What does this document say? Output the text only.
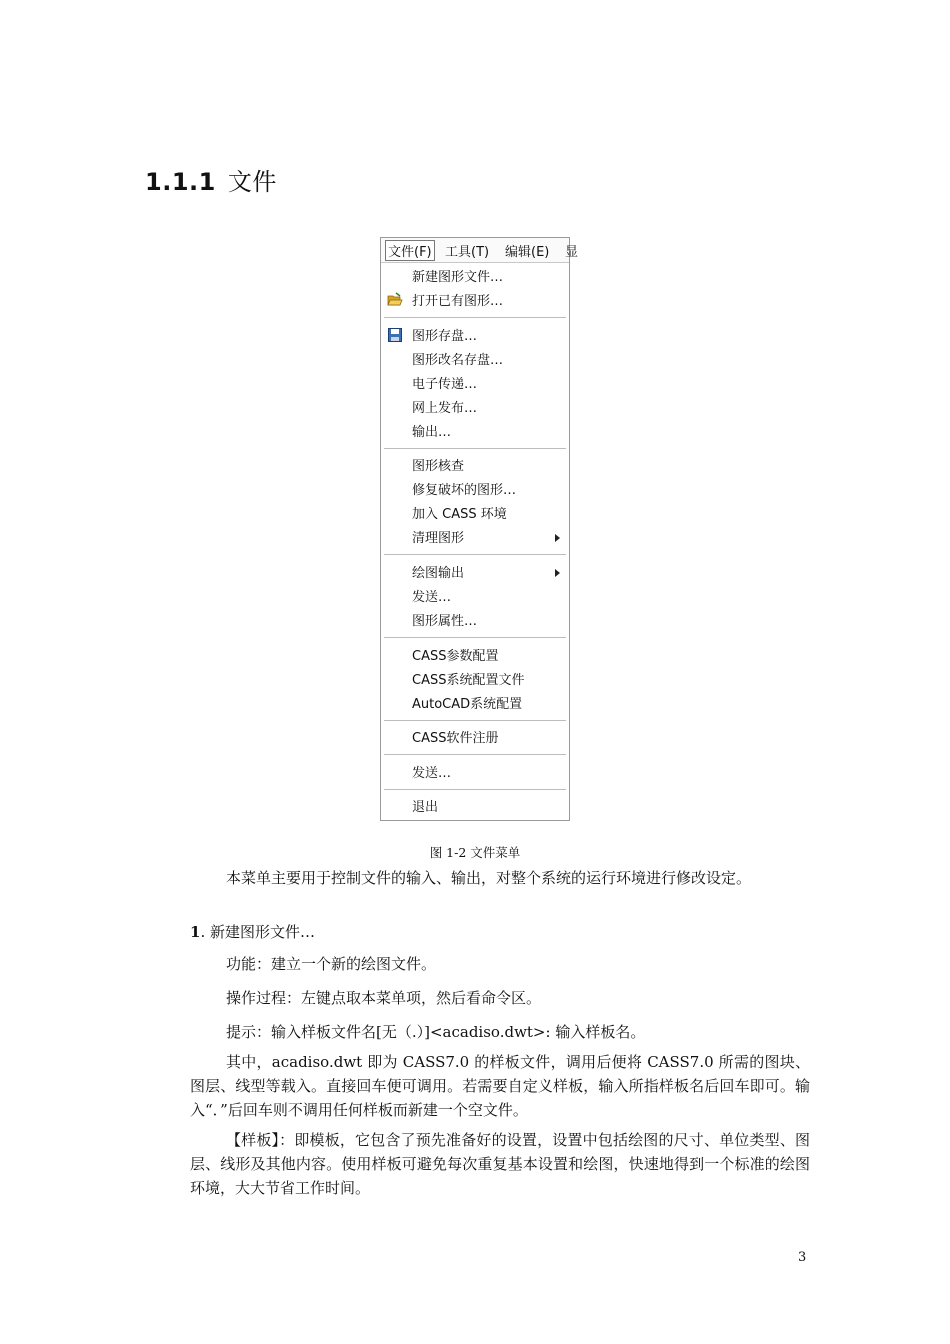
1.1.1 文件
文件(F) 工具(T) 编辑(E) 显
新建图形文件…
打开已有图形…
图形存盘…
图形改名存盘…
电子传递…
网上发布…
输出…
图形核查
修复破坏的图形…
加入 CASS 环境
清理图形
绘图输出
发送…
图形属性…
CASS参数配置
CASS系统配置文件
AutoCAD系统配置
CASS软件注册
发送…
退出
图 1-2 文件菜单
本菜单主要用于控制文件的输入、输出，对整个系统的运行环境进行修改设定。
1. 新建图形文件…
功能：建立一个新的绘图文件。
操作过程：左键点取本菜单项，然后看命令区。
提示：输入样板文件名[无（.）]<acadiso.dwt>: 输入样板名。
其中，acadiso.dwt 即为 CASS7.0 的样板文件，调用后便将 CASS7.0 所需的图块、图层、线型等载入。直接回车便可调用。若需要自定义样板，输入所指样板名后回车即可。输入“．”后回车则不调用任何样板而新建一个空文件。
【样板】：即模板，它包含了预先准备好的设置，设置中包括绘图的尺寸、单位类型、图层、线形及其他内容。使用样板可避免每次重复基本设置和绘图，快速地得到一个标准的绘图环境，大大节省工作时间。
3
